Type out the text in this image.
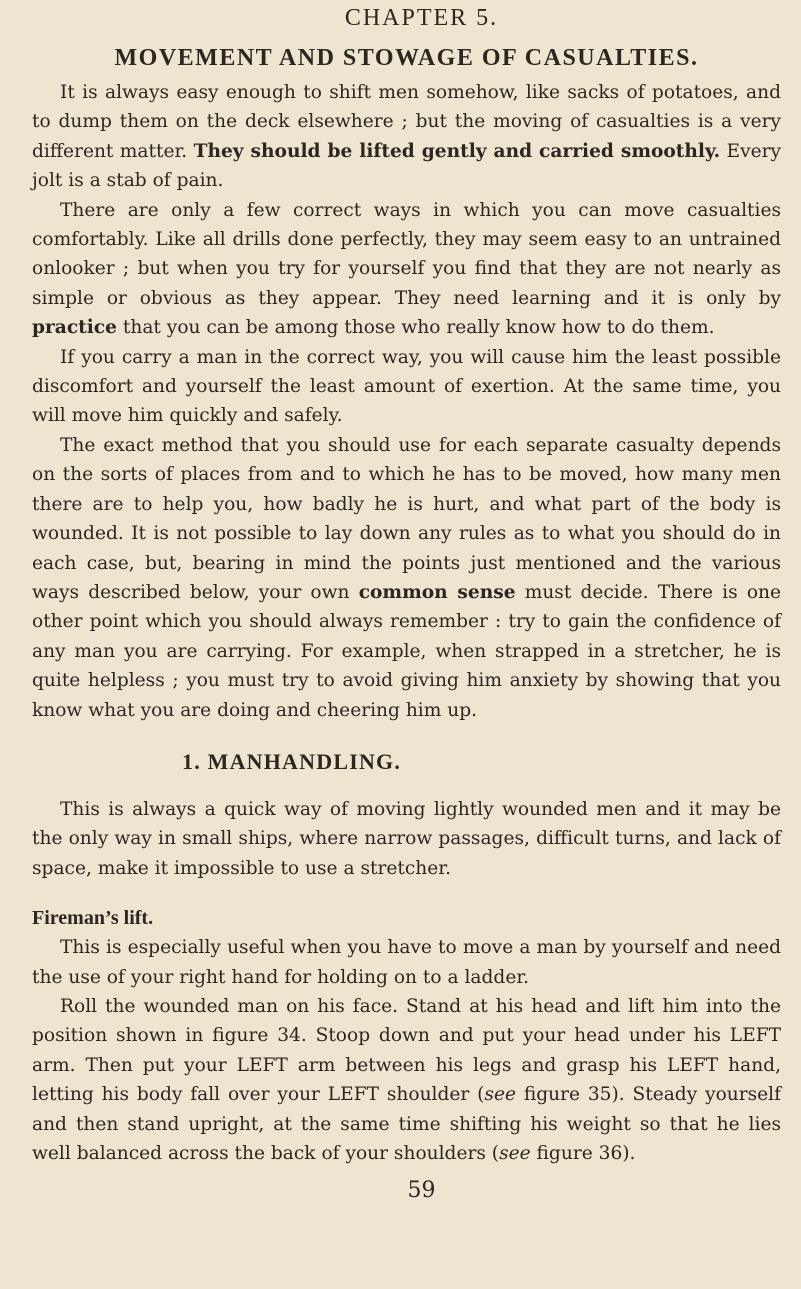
CHAPTER 5.
MOVEMENT AND STOWAGE OF CASUALTIES.

It is always easy enough to shift men somehow, like sacks of potatoes, and to dump them on the deck elsewhere ; but the moving of casualties is a very different matter. They should be lifted gently and carried smoothly. Every jolt is a stab of pain.

There are only a few correct ways in which you can move casualties comfortably. Like all drills done perfectly, they may seem easy to an untrained onlooker ; but when you try for yourself you find that they are not nearly as simple or obvious as they appear. They need learning and it is only by practice that you can be among those who really know how to do them.

If you carry a man in the correct way, you will cause him the least possible discomfort and yourself the least amount of exertion. At the same time, you will move him quickly and safely.

The exact method that you should use for each separate casualty depends on the sorts of places from and to which he has to be moved, how many men there are to help you, how badly he is hurt, and what part of the body is wounded. It is not possible to lay down any rules as to what you should do in each case, but, bearing in mind the points just mentioned and the various ways described below, your own common sense must decide. There is one other point which you should always remember : try to gain the confidence of any man you are carrying. For example, when strapped in a stretcher, he is quite helpless ; you must try to avoid giving him anxiety by showing that you know what you are doing and cheering him up.

1. MANHANDLING.

This is always a quick way of moving lightly wounded men and it may be the only way in small ships, where narrow passages, difficult turns, and lack of space, make it impossible to use a stretcher.

Fireman’s lift.

This is especially useful when you have to move a man by yourself and need the use of your right hand for holding on to a ladder.

Roll the wounded man on his face. Stand at his head and lift him into the position shown in figure 34. Stoop down and put your head under his LEFT arm. Then put your LEFT arm between his legs and grasp his LEFT hand, letting his body fall over your LEFT shoulder (see figure 35). Steady yourself and then stand upright, at the same time shifting his weight so that he lies well balanced across the back of your shoulders (see figure 36).

59
